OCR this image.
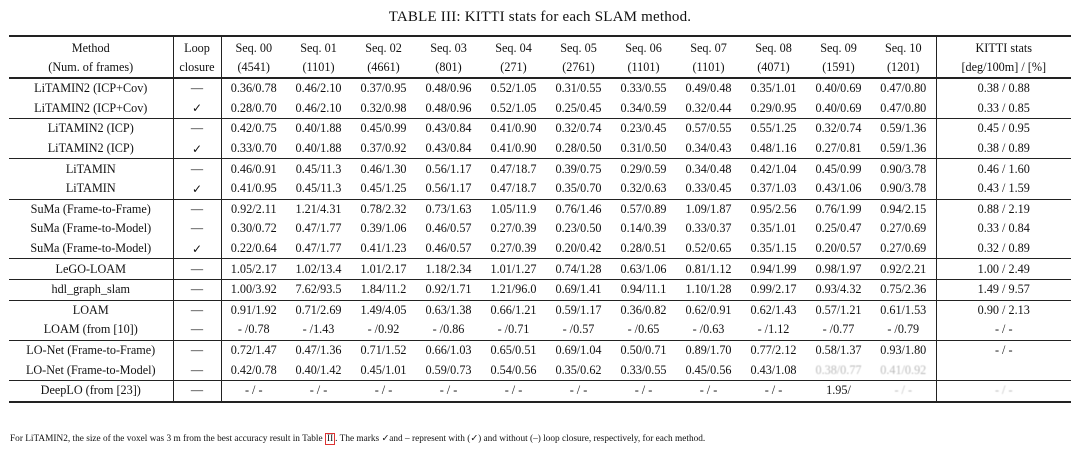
TABLE III: KITTI stats for each SLAM method.
Method	Loop	Seq. 00	Seq. 01	Seq. 02	Seq. 03	Seq. 04	Seq. 05	Seq. 06	Seq. 07	Seq. 08	Seq. 09	Seq. 10	KITTI stats
(Num. of frames)	closure	(4541)	(1101)	(4661)	(801)	(271)	(2761)	(1101)	(1101)	(4071)	(1591)	(1201)	[deg/100m] / [%]
LiTAMIN2 (ICP+Cov)	—	0.36/0.78	0.46/2.10	0.37/0.95	0.48/0.96	0.52/1.05	0.31/0.55	0.33/0.55	0.49/0.48	0.35/1.01	0.40/0.69	0.47/0.80	0.38 / 0.88
LiTAMIN2 (ICP+Cov)	✓	0.28/0.70	0.46/2.10	0.32/0.98	0.48/0.96	0.52/1.05	0.25/0.45	0.34/0.59	0.32/0.44	0.29/0.95	0.40/0.69	0.47/0.80	0.33 / 0.85
LiTAMIN2 (ICP)	—	0.42/0.75	0.40/1.88	0.45/0.99	0.43/0.84	0.41/0.90	0.32/0.74	0.23/0.45	0.57/0.55	0.55/1.25	0.32/0.74	0.59/1.36	0.45 / 0.95
LiTAMIN2 (ICP)	✓	0.33/0.70	0.40/1.88	0.37/0.92	0.43/0.84	0.41/0.90	0.28/0.50	0.31/0.50	0.34/0.43	0.48/1.16	0.27/0.81	0.59/1.36	0.38 / 0.89
LiTAMIN	—	0.46/0.91	0.45/11.3	0.46/1.30	0.56/1.17	0.47/18.7	0.39/0.75	0.29/0.59	0.34/0.48	0.42/1.04	0.45/0.99	0.90/3.78	0.46 / 1.60
LiTAMIN	✓	0.41/0.95	0.45/11.3	0.45/1.25	0.56/1.17	0.47/18.7	0.35/0.70	0.32/0.63	0.33/0.45	0.37/1.03	0.43/1.06	0.90/3.78	0.43 / 1.59
SuMa (Frame-to-Frame)	—	0.92/2.11	1.21/4.31	0.78/2.32	0.73/1.63	1.05/11.9	0.76/1.46	0.57/0.89	1.09/1.87	0.95/2.56	0.76/1.99	0.94/2.15	0.88 / 2.19
SuMa (Frame-to-Model)	—	0.30/0.72	0.47/1.77	0.39/1.06	0.46/0.57	0.27/0.39	0.23/0.50	0.14/0.39	0.33/0.37	0.35/1.01	0.25/0.47	0.27/0.69	0.33 / 0.84
SuMa (Frame-to-Model)	✓	0.22/0.64	0.47/1.77	0.41/1.23	0.46/0.57	0.27/0.39	0.20/0.42	0.28/0.51	0.52/0.65	0.35/1.15	0.20/0.57	0.27/0.69	0.32 / 0.89
LeGO-LOAM	—	1.05/2.17	1.02/13.4	1.01/2.17	1.18/2.34	1.01/1.27	0.74/1.28	0.63/1.06	0.81/1.12	0.94/1.99	0.98/1.97	0.92/2.21	1.00 / 2.49
hdl_graph_slam	—	1.00/3.92	7.62/93.5	1.84/11.2	0.92/1.71	1.21/96.0	0.69/1.41	0.94/11.1	1.10/1.28	0.99/2.17	0.93/4.32	0.75/2.36	1.49 / 9.57
LOAM	—	0.91/1.92	0.71/2.69	1.49/4.05	0.63/1.38	0.66/1.21	0.59/1.17	0.36/0.82	0.62/0.91	0.62/1.43	0.57/1.21	0.61/1.53	0.90 / 2.13
LOAM (from [10])	—	- /0.78	- /1.43	- /0.92	- /0.86	- /0.71	- /0.57	- /0.65	- /0.63	- /1.12	- /0.77	- /0.79	- / -
LO-Net (Frame-to-Frame)	—	0.72/1.47	0.47/1.36	0.71/1.52	0.66/1.03	0.65/0.51	0.69/1.04	0.50/0.71	0.89/1.70	0.77/2.12	0.58/1.37	0.93/1.80	- / -
LO-Net (Frame-to-Model)	—	0.42/0.78	0.40/1.42	0.45/1.01	0.59/0.73	0.54/0.56	0.35/0.62	0.33/0.55	0.45/0.56	0.43/1.08	0.38/0.77	0.41/0.92	
DeepLO (from [23])	—	- / -	- / -	- / -	- / -	- / -	- / -	- / -	- / -	- / -	1.95/	- / -	- / -
For LiTAMIN2, the size of the voxel was 3 m from the best accuracy result in Table II . The marks ✓and – represent with (✓) and without (–) loop closure, respectively, for each method.
